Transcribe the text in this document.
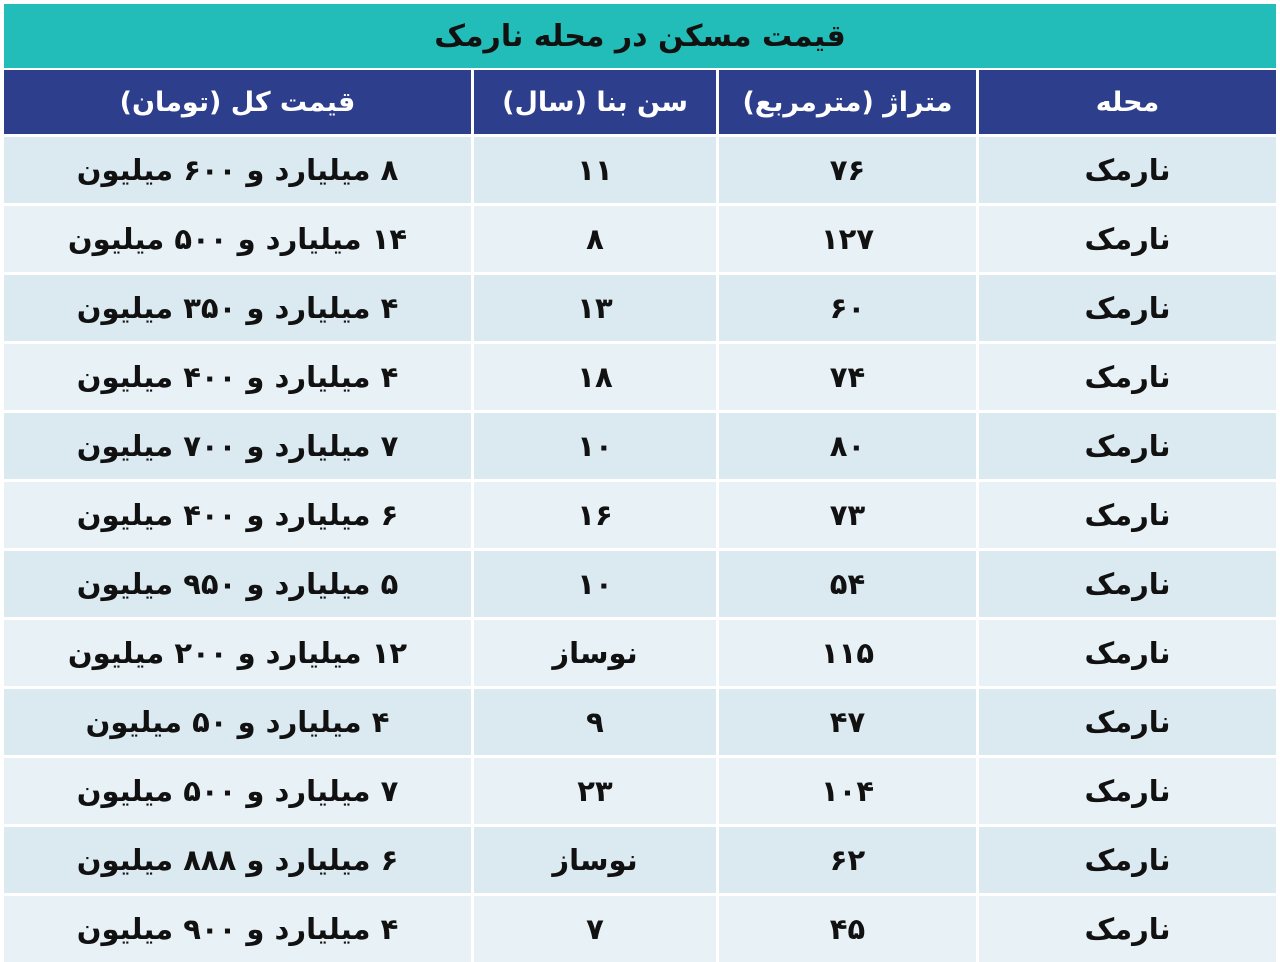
قیمت مسکن در محله نارمک
محله	متراژ (مترمربع)	سن بنا (سال)	قیمت کل (تومان)
نارمک	۷۶	۱۱	۸ میلیارد و ۶۰۰ میلیون
نارمک	۱۲۷	۸	۱۴ میلیارد و ۵۰۰ میلیون
نارمک	۶۰	۱۳	۴ میلیارد و ۳۵۰ میلیون
نارمک	۷۴	۱۸	۴ میلیارد و ۴۰۰ میلیون
نارمک	۸۰	۱۰	۷ میلیارد و ۷۰۰ میلیون
نارمک	۷۳	۱۶	۶ میلیارد و ۴۰۰ میلیون
نارمک	۵۴	۱۰	۵ میلیارد و ۹۵۰ میلیون
نارمک	۱۱۵	نوساز	۱۲ میلیارد و ۲۰۰ میلیون
نارمک	۴۷	۹	۴ میلیارد و ۵۰ میلیون
نارمک	۱۰۴	۲۳	۷ میلیارد و ۵۰۰ میلیون
نارمک	۶۲	نوساز	۶ میلیارد و ۸۸۸ میلیون
نارمک	۴۵	۷	۴ میلیارد و ۹۰۰ میلیون
